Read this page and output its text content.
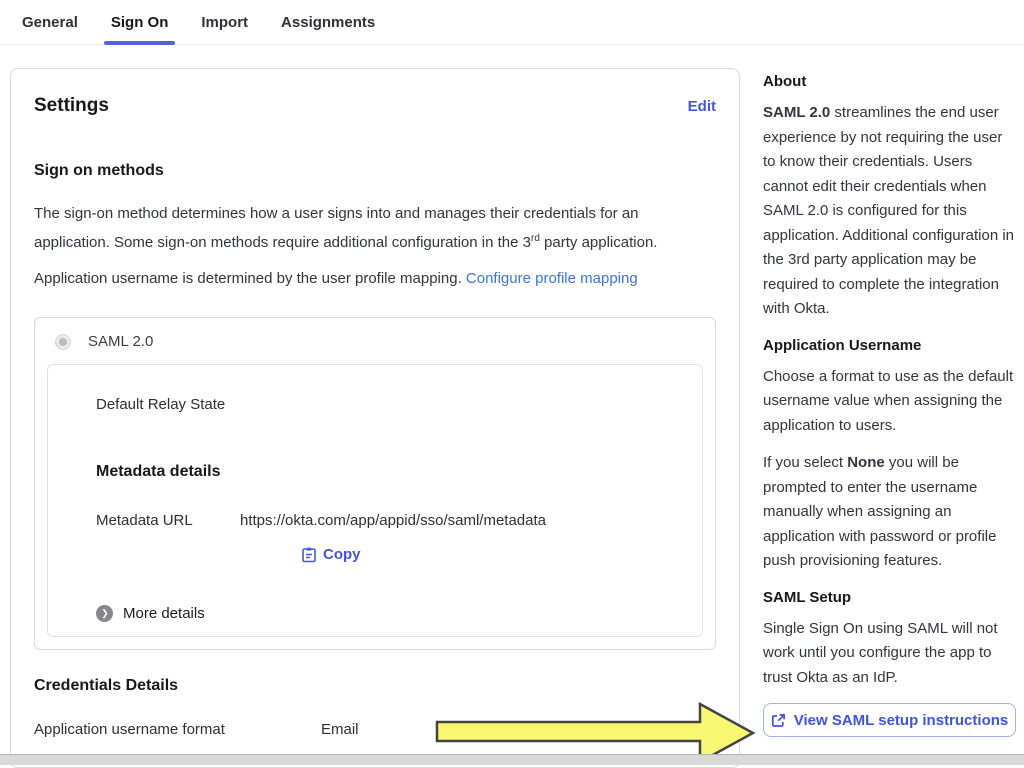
General Sign On Import Assignments
Settings	Edit
Sign on methods
The sign-on method determines how a user signs into and manages their credentials for an application. Some sign-on methods require additional configuration in the 3rd party application.
Application username is determined by the user profile mapping. Configure profile mapping
SAML 2.0
Default Relay State
Metadata details
Metadata URL	https://okta.com/app/appid/sso/saml/metadata
Copy
❯ More details
Credentials Details
Application username format	Email
About

SAML 2.0 streamlines the end user experience by not requiring the user to know their credentials. Users cannot edit their credentials when SAML 2.0 is configured for this application. Additional configuration in the 3rd party application may be required to complete the integration with Okta.

Application Username

Choose a format to use as the default username value when assigning the application to users.

If you select None you will be prompted to enter the username manually when assigning an application with password or profile push provisioning features.

SAML Setup

Single Sign On using SAML will not work until you configure the app to trust Okta as an IdP.

View SAML setup instructions
